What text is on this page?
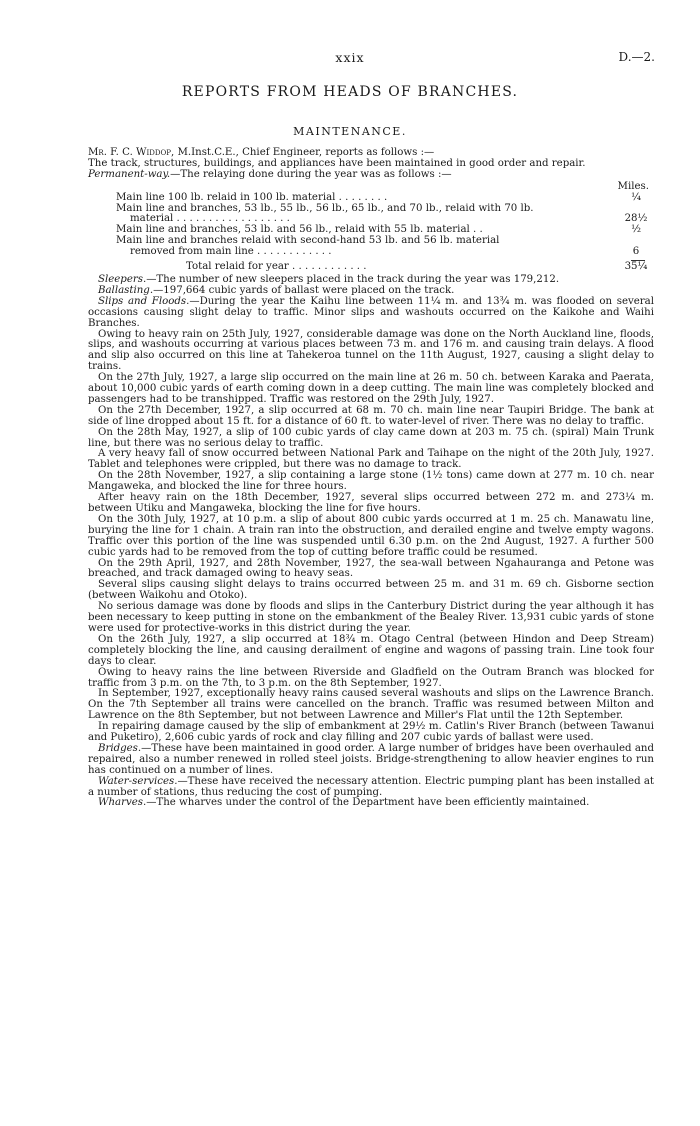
xxix	D.—2.
REPORTS FROM HEADS OF BRANCHES.
MAINTENANCE.

Mr. F. C. Widdop, M.Inst.C.E., Chief Engineer, reports as follows :—

The track, structures, buildings, and appliances have been maintained in good order and repair.

Permanent-way.—The relaying done during the year was as follows :—

Miles.
Main line 100 lb. relaid in 100 lb. material . . . . . . . .	¼
Main line and branches, 53 lb., 55 lb., 56 lb., 65 lb., and 70 lb., relaid with 70 lb.
material . . . . . . . . . . . . . . . . . .	28½
Main line and branches, 53 lb. and 56 lb., relaid with 55 lb. material . .	½
Main line and branches relaid with second-hand 53 lb. and 56 lb. material
removed from main line . . . . . . . . . . . .	6
Total relaid for year . . . . . . . . . . . .	35¼

Sleepers.—The number of new sleepers placed in the track during the year was 179,212.

Ballasting.—197,664 cubic yards of ballast were placed on the track.

Slips and Floods.—During the year the Kaihu line between 11¼ m. and 13¾ m. was flooded on several occasions causing slight delay to traffic. Minor slips and washouts occurred on the Kaikohe and Waihi Branches.

Owing to heavy rain on 25th July, 1927, considerable damage was done on the North Auckland line, floods, slips, and washouts occurring at various places between 73 m. and 176 m. and causing train delays. A flood and slip also occurred on this line at Tahekeroa tunnel on the 11th August, 1927, causing a slight delay to trains.

On the 27th July, 1927, a large slip occurred on the main line at 26 m. 50 ch. between Karaka and Paerata, about 10,000 cubic yards of earth coming down in a deep cutting. The main line was completely blocked and passengers had to be transhipped. Traffic was restored on the 29th July, 1927.

On the 27th December, 1927, a slip occurred at 68 m. 70 ch. main line near Taupiri Bridge. The bank at side of line dropped about 15 ft. for a distance of 60 ft. to water-level of river. There was no delay to traffic.

On the 28th May, 1927, a slip of 100 cubic yards of clay came down at 203 m. 75 ch. (spiral) Main Trunk line, but there was no serious delay to traffic.

A very heavy fall of snow occurred between National Park and Taihape on the night of the 20th July, 1927. Tablet and telephones were crippled, but there was no damage to track.

On the 28th November, 1927, a slip containing a large stone (1½ tons) came down at 277 m. 10 ch. near Mangaweka, and blocked the line for three hours.

After heavy rain on the 18th December, 1927, several slips occurred between 272 m. and 273¼ m. between Utiku and Mangaweka, blocking the line for five hours.

On the 30th July, 1927, at 10 p.m. a slip of about 800 cubic yards occurred at 1 m. 25 ch. Manawatu line, burying the line for 1 chain. A train ran into the obstruction, and derailed engine and twelve empty wagons. Traffic over this portion of the line was suspended until 6.30 p.m. on the 2nd August, 1927. A further 500 cubic yards had to be removed from the top of cutting before traffic could be resumed.

On the 29th April, 1927, and 28th November, 1927, the sea-wall between Ngahauranga and Petone was breached, and track damaged owing to heavy seas.

Several slips causing slight delays to trains occurred between 25 m. and 31 m. 69 ch. Gisborne section (between Waikohu and Otoko).

No serious damage was done by floods and slips in the Canterbury District during the year although it has been necessary to keep putting in stone on the embankment of the Bealey River. 13,931 cubic yards of stone were used for protective-works in this district during the year.

On the 26th July, 1927, a slip occurred at 18¾ m. Otago Central (between Hindon and Deep Stream) completely blocking the line, and causing derailment of engine and wagons of passing train. Line took four days to clear.

Owing to heavy rains the line between Riverside and Gladfield on the Outram Branch was blocked for traffic from 3 p.m. on the 7th, to 3 p.m. on the 8th September, 1927.

In September, 1927, exceptionally heavy rains caused several washouts and slips on the Lawrence Branch. On the 7th September all trains were cancelled on the branch. Traffic was resumed between Milton and Lawrence on the 8th September, but not between Lawrence and Miller's Flat until the 12th September.

In repairing damage caused by the slip of embankment at 29½ m. Catlin's River Branch (between Tawanui and Puketiro), 2,606 cubic yards of rock and clay filling and 207 cubic yards of ballast were used.

Bridges.—These have been maintained in good order. A large number of bridges have been overhauled and repaired, also a number renewed in rolled steel joists. Bridge-strengthening to allow heavier engines to run has continued on a number of lines.

Water-services.—These have received the necessary attention. Electric pumping plant has been installed at a number of stations, thus reducing the cost of pumping.

Wharves.—The wharves under the control of the Department have been efficiently maintained.
